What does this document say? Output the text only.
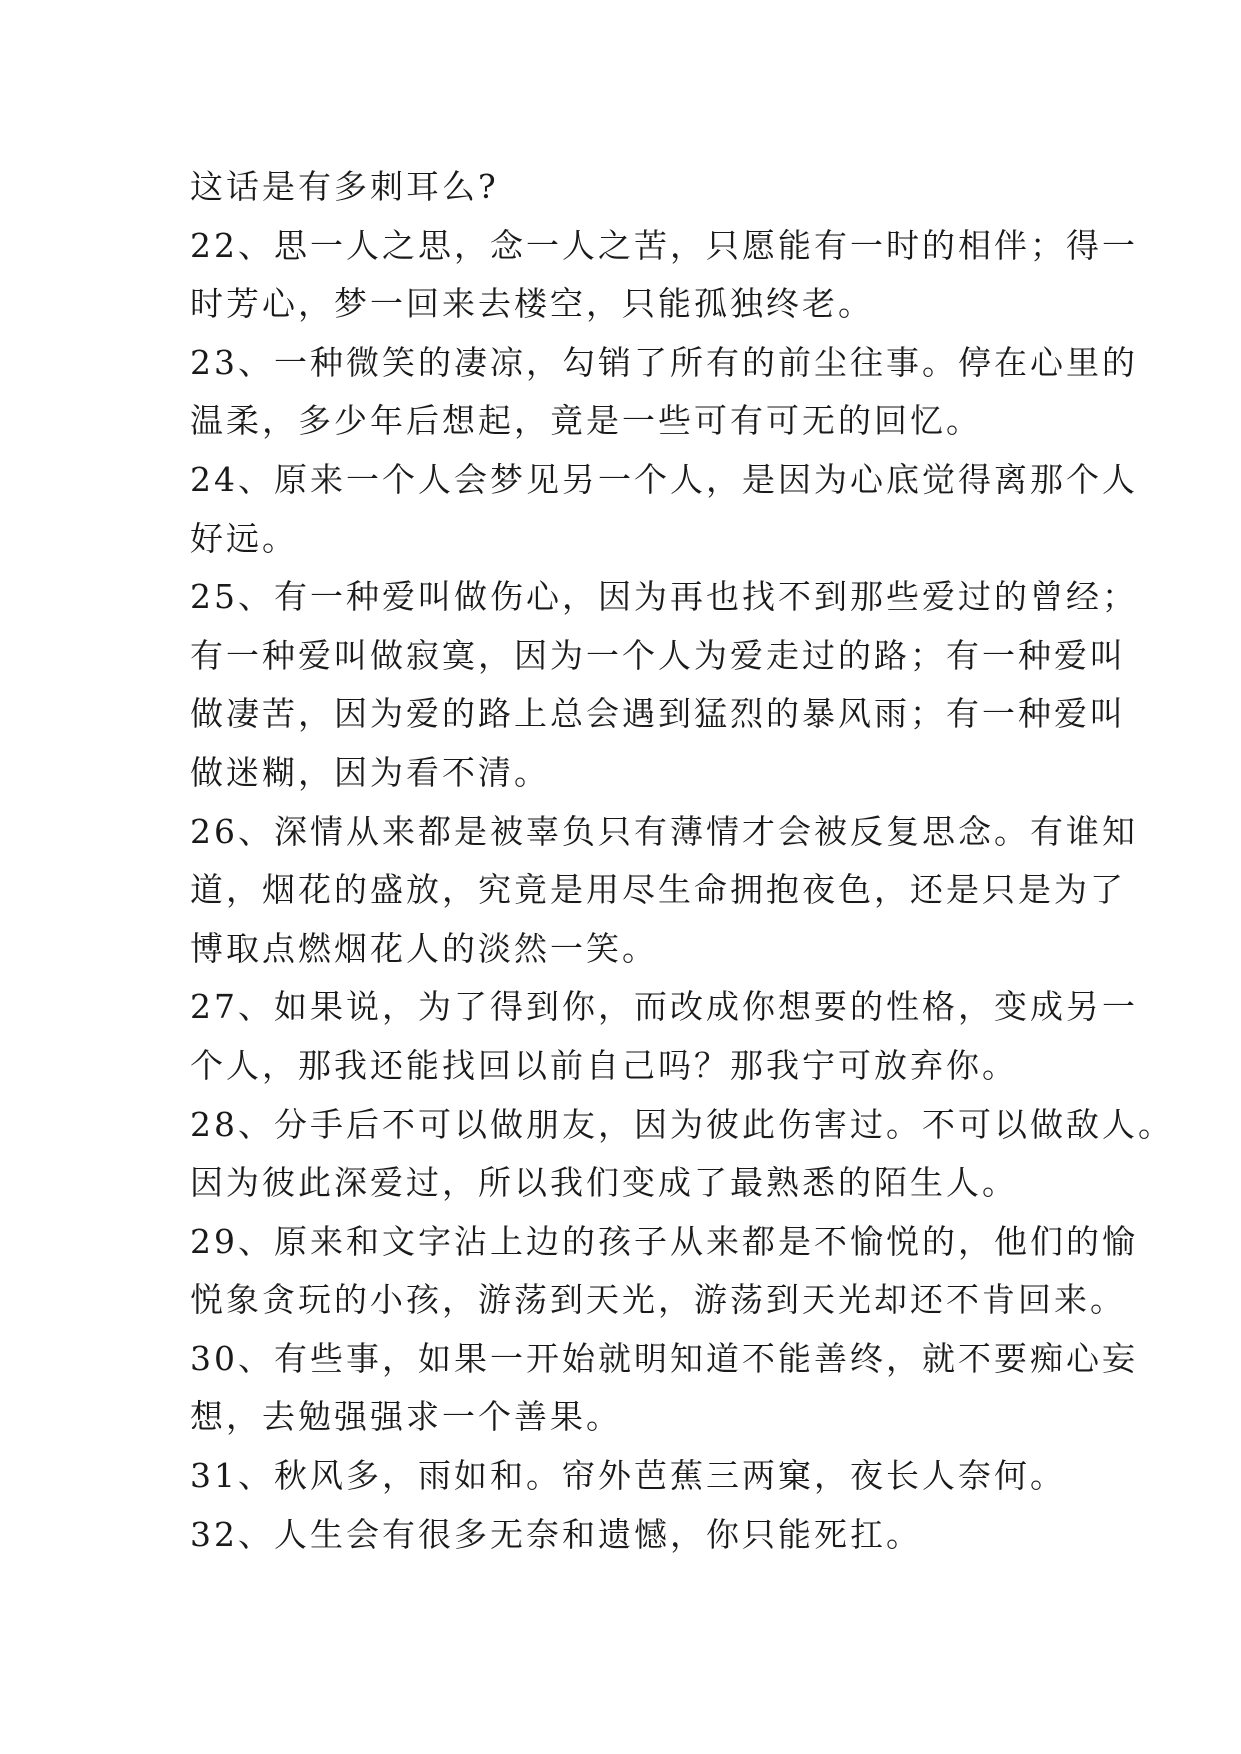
这话是有多刺耳么?
22、思一人之思，念一人之苦，只愿能有一时的相伴；得一
时芳心，梦一回来去楼空，只能孤独终老。
23、一种微笑的凄凉，勾销了所有的前尘往事。停在心里的
温柔，多少年后想起，竟是一些可有可无的回忆。
24、原来一个人会梦见另一个人，是因为心底觉得离那个人
好远。
25、有一种爱叫做伤心，因为再也找不到那些爱过的曾经；
有一种爱叫做寂寞，因为一个人为爱走过的路；有一种爱叫
做凄苦，因为爱的路上总会遇到猛烈的暴风雨；有一种爱叫
做迷糊，因为看不清。
26、深情从来都是被辜负只有薄情才会被反复思念。有谁知
道，烟花的盛放，究竟是用尽生命拥抱夜色，还是只是为了
博取点燃烟花人的淡然一笑。
27、如果说，为了得到你，而改成你想要的性格，变成另一
个人，那我还能找回以前自己吗？那我宁可放弃你。
28、分手后不可以做朋友，因为彼此伤害过。不可以做敌人。
因为彼此深爱过，所以我们变成了最熟悉的陌生人。
29、原来和文字沾上边的孩子从来都是不愉悦的，他们的愉
悦象贪玩的小孩，游荡到天光，游荡到天光却还不肯回来。
30、有些事，如果一开始就明知道不能善终，就不要痴心妄
想，去勉强强求一个善果。
31、秋风多，雨如和。帘外芭蕉三两窠，夜长人奈何。
32、人生会有很多无奈和遗憾，你只能死扛。
